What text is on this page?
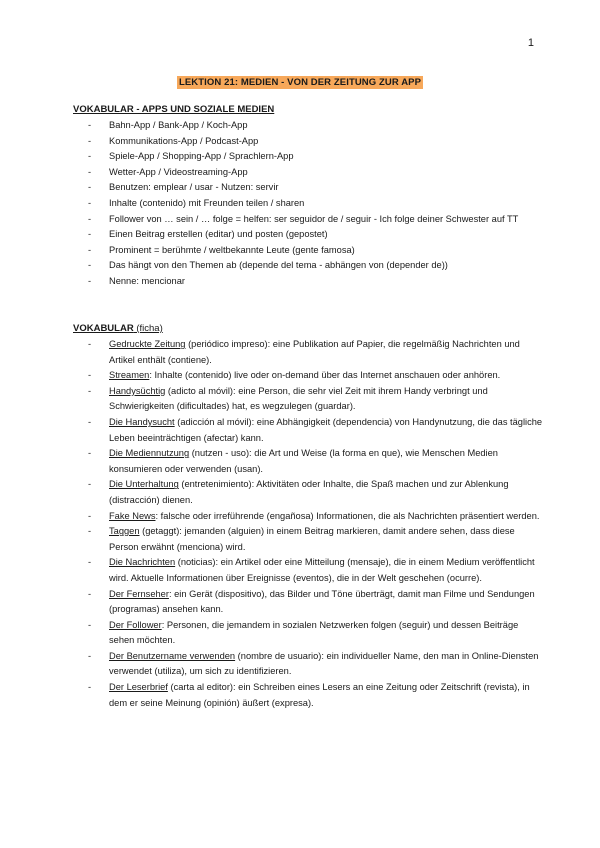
1
LEKTION 21: MEDIEN - VON DER ZEITUNG ZUR APP
VOKABULAR - APPS UND SOZIALE MEDIEN
- Bahn-App / Bank-App / Koch-App
- Kommunikations-App / Podcast-App
- Spiele-App / Shopping-App / Sprachlern-App
- Wetter-App / Videostreaming-App
- Benutzen: emplear / usar - Nutzen: servir
- Inhalte (contenido) mit Freunden teilen / sharen
- Follower von … sein / … folge = helfen: ser seguidor de / seguir - Ich folge deiner Schwester auf TT
- Einen Beitrag erstellen (editar) und posten (gepostet)
- Prominent = berühmte / weltbekannte Leute (gente famosa)
- Das hängt von den Themen ab (depende del tema - abhängen von (depender de))
- Nenne: mencionar
VOKABULAR (ficha)
- Gedruckte Zeitung (periódico impreso): eine Publikation auf Papier, die regelmäßig Nachrichten und Artikel enthält (contiene).
- Streamen: Inhalte (contenido) live oder on-demand über das Internet anschauen oder anhören.
- Handysüchtig (adicto al móvil): eine Person, die sehr viel Zeit mit ihrem Handy verbringt und Schwierigkeiten (dificultades) hat, es wegzulegen (guardar).
- Die Handysucht (adicción al móvil): eine Abhängigkeit (dependencia) von Handynutzung, die das tägliche Leben beeinträchtigen (afectar) kann.
- Die Mediennutzung (nutzen - uso): die Art und Weise (la forma en que), wie Menschen Medien konsumieren oder verwenden (usan).
- Die Unterhaltung (entretenimiento): Aktivitäten oder Inhalte, die Spaß machen und zur Ablenkung (distracción) dienen.
- Fake News: falsche oder irreführende (engañosa) Informationen, die als Nachrichten präsentiert werden.
- Taggen (getaggt): jemanden (alguien) in einem Beitrag markieren, damit andere sehen, dass diese Person erwähnt (menciona) wird.
- Die Nachrichten (noticias): ein Artikel oder eine Mitteilung (mensaje), die in einem Medium veröffentlicht wird. Aktuelle Informationen über Ereignisse (eventos), die in der Welt geschehen (ocurre).
- Der Fernseher: ein Gerät (dispositivo), das Bilder und Töne überträgt, damit man Filme und Sendungen (programas) ansehen kann.
- Der Follower: Personen, die jemandem in sozialen Netzwerken folgen (seguir) und dessen Beiträge sehen möchten.
- Der Benutzername verwenden (nombre de usuario): ein individueller Name, den man in Online-Diensten verwendet (utiliza), um sich zu identifizieren.
- Der Leserbrief (carta al editor): ein Schreiben eines Lesers an eine Zeitung oder Zeitschrift (revista), in dem er seine Meinung (opinión) äußert (expresa).
